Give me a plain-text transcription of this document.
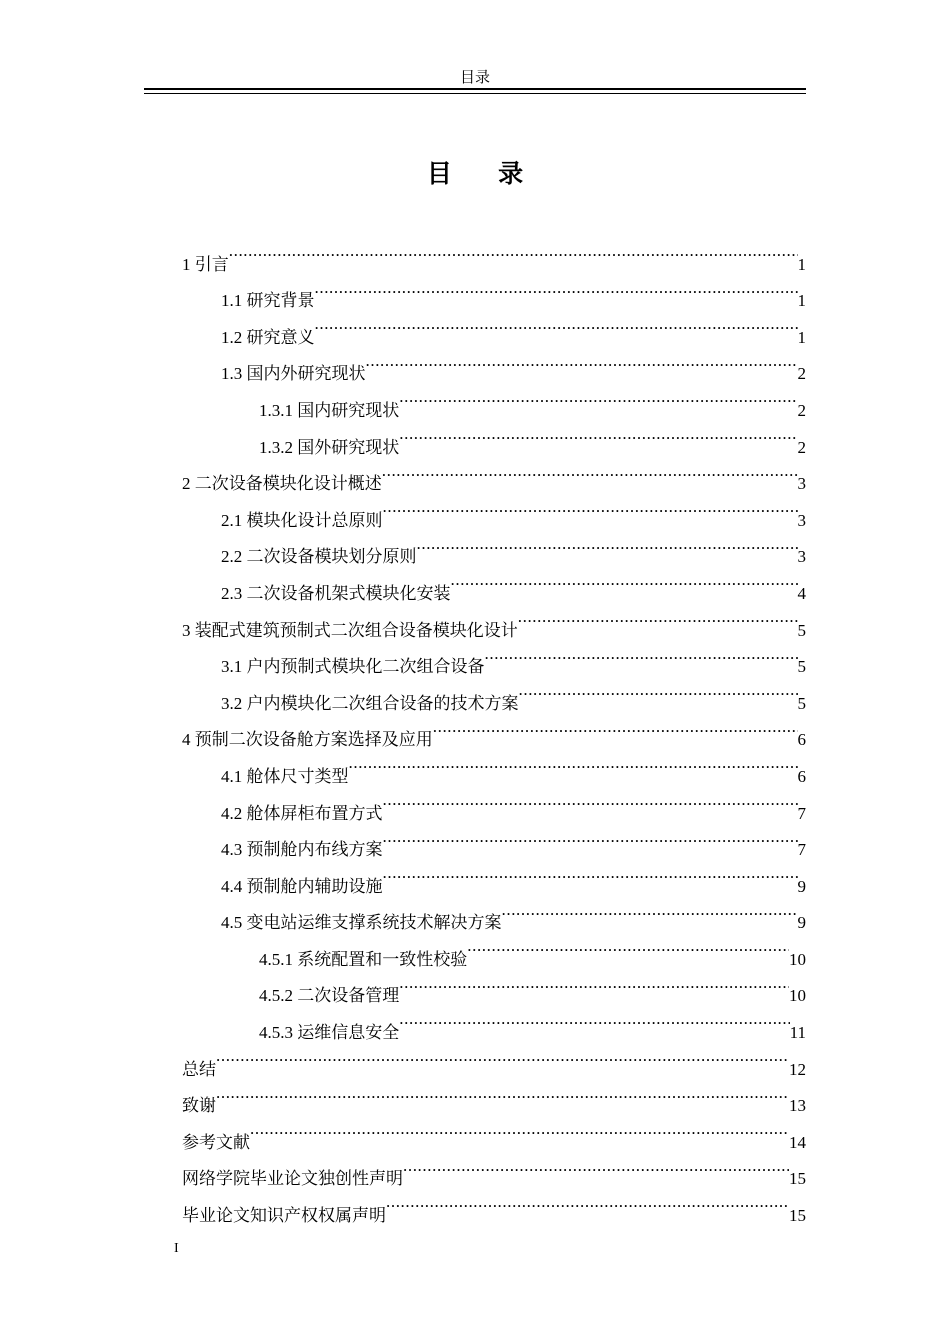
目录
目 录
1 引言 .....	1
1.1 研究背景 .....	1
1.2 研究意义 .....	1
1.3 国内外研究现状 .....	2
1.3.1 国内研究现状 .....	2
1.3.2 国外研究现状 .....	2
2 二次设备模块化设计概述 .....	3
2.1 模块化设计总原则 .....	3
2.2 二次设备模块划分原则 .....	3
2.3 二次设备机架式模块化安装 .....	4
3 装配式建筑预制式二次组合设备模块化设计 .....	5
3.1 户内预制式模块化二次组合设备 .....	5
3.2 户内模块化二次组合设备的技术方案 .....	5
4 预制二次设备舱方案选择及应用 .....	6
4.1 舱体尺寸类型 .....	6
4.2 舱体屏柜布置方式 .....	7
4.3 预制舱内布线方案 .....	7
4.4 预制舱内辅助设施 .....	9
4.5 变电站运维支撑系统技术解决方案 .....	9
4.5.1 系统配置和一致性校验 .....	10
4.5.2 二次设备管理 .....	10
4.5.3 运维信息安全 .....	11
总结 .....	12
致谢 .....	13
参考文献 .....	14
网络学院毕业论文独创性声明 .....	15
毕业论文知识产权权属声明 .....	15
I
